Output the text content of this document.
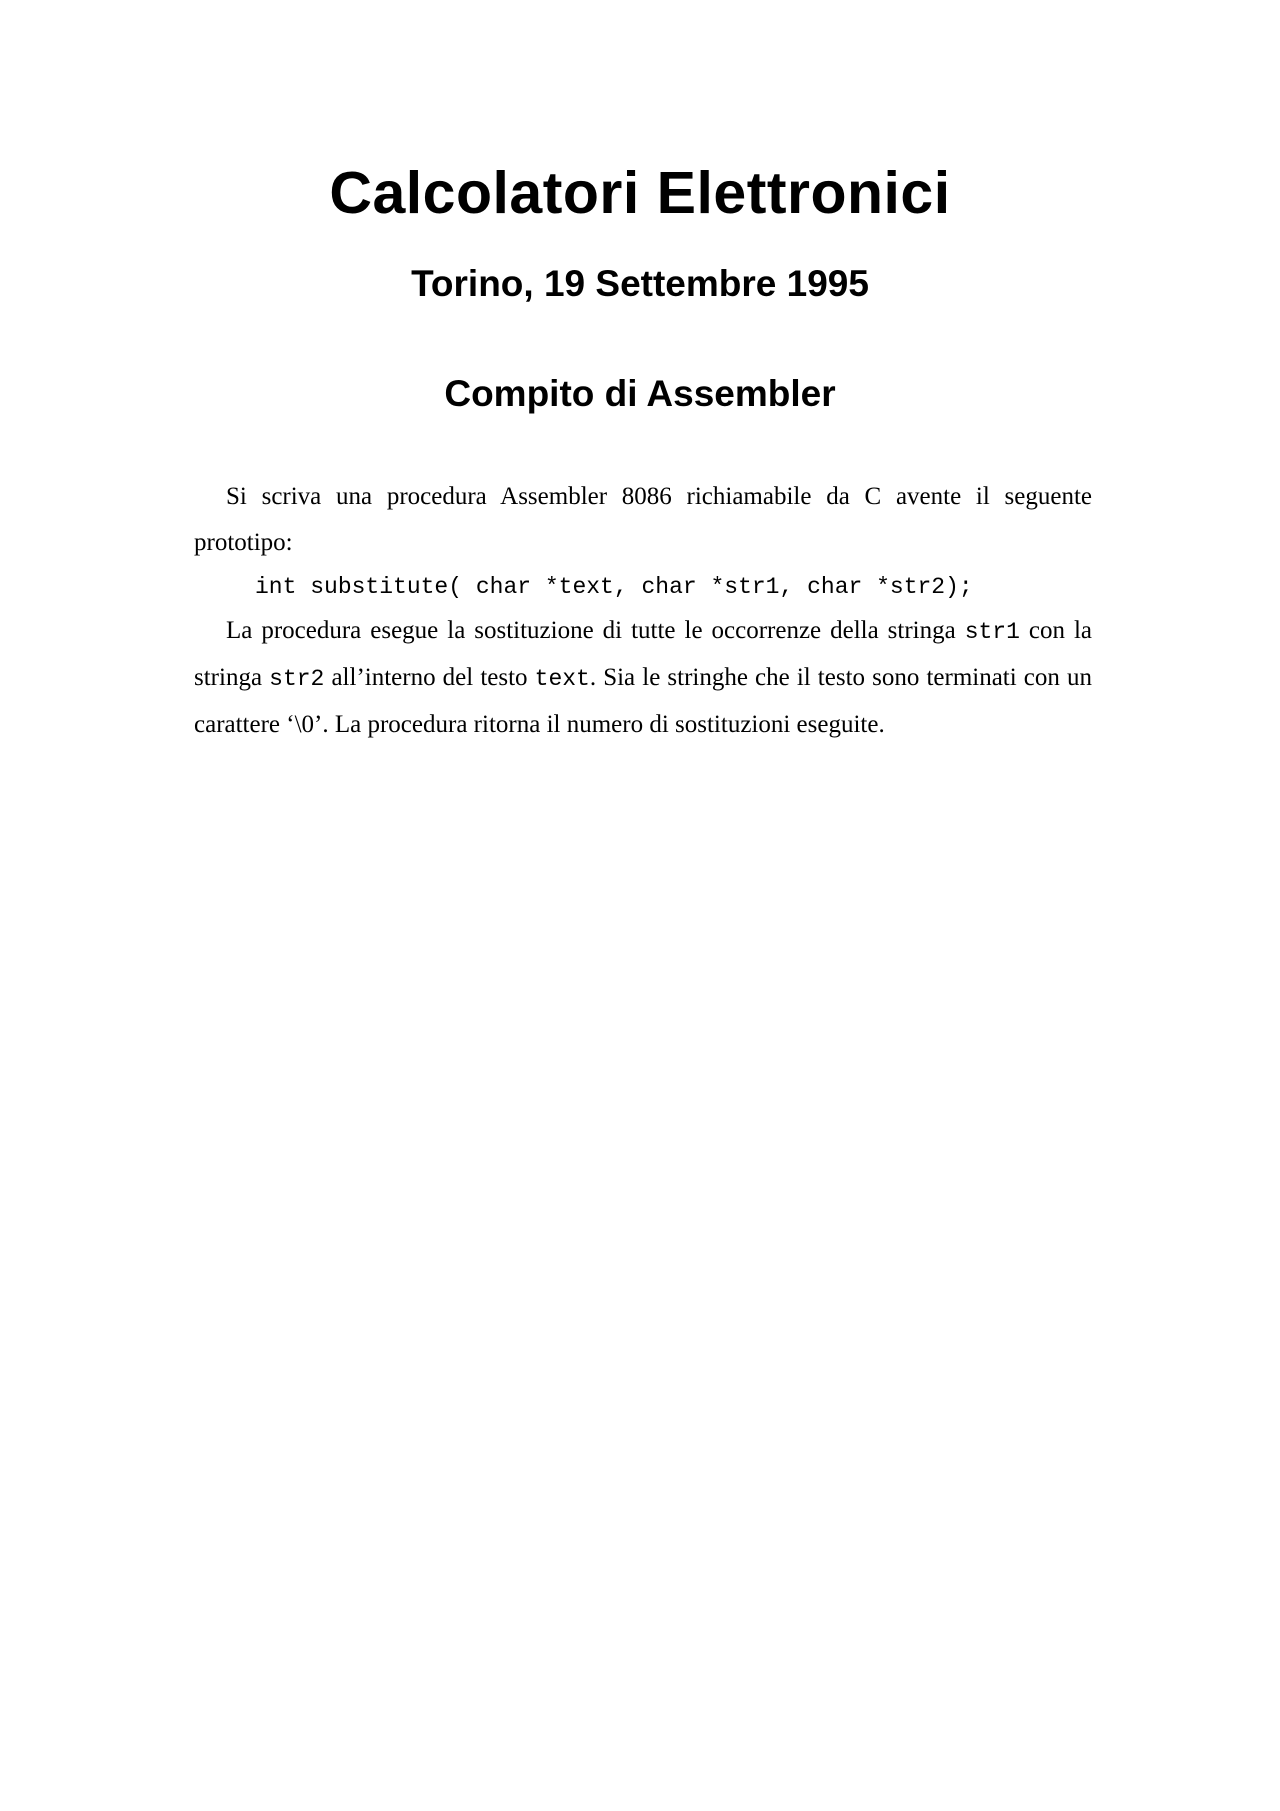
Calcolatori Elettronici
Torino, 19 Settembre 1995
Compito di Assembler

Si scriva una procedura Assembler 8086 richiamabile da C avente il seguente prototipo:

int substitute( char *text, char *str1, char *str2);

La procedura esegue la sostituzione di tutte le occorrenze della stringa str1 con la stringa str2 all’interno del testo text. Sia le stringhe che il testo sono terminati con un carattere ‘\0’. La procedura ritorna il numero di sostituzioni eseguite.
